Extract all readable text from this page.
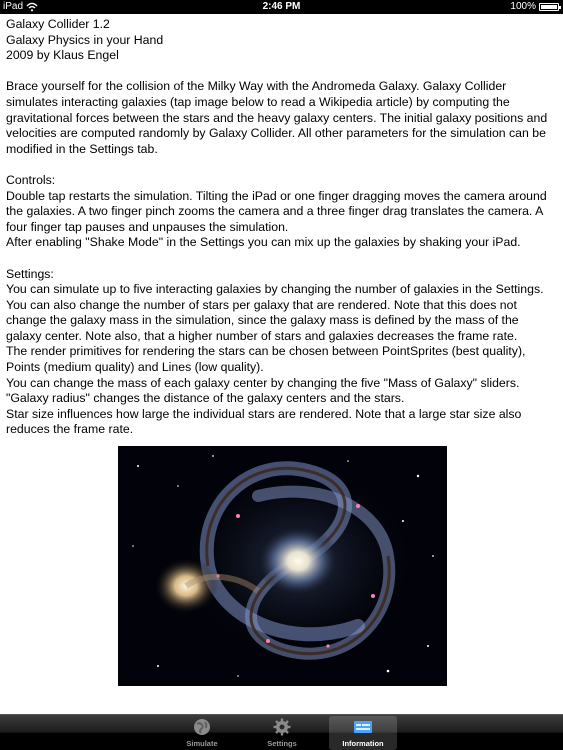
iPad	2:46 PM	100%

Galaxy Collider 1.2

Galaxy Physics in your Hand

2009 by Klaus Engel

Brace yourself for the collision of the Milky Way with the Andromeda Galaxy. Galaxy Collider simulates interacting galaxies (tap image below to read a Wikipedia article) by computing the gravitational forces between the stars and the heavy galaxy centers. The initial galaxy positions and velocities are computed randomly by Galaxy Collider. All other parameters for the simulation can be modified in the Settings tab.

Controls:

Double tap restarts the simulation. Tilting the iPad or one finger dragging moves the camera around the galaxies. A two finger pinch zooms the camera and a three finger drag translates the camera. A four finger tap pauses and unpauses the simulation.

After enabling "Shake Mode" in the Settings you can mix up the galaxies by shaking your iPad.

Settings:

You can simulate up to five interacting galaxies by changing the number of galaxies in the Settings. You can also change the number of stars per galaxy that are rendered. Note that this does not change the galaxy mass in the simulation, since the galaxy mass is defined by the mass of the galaxy center. Note also, that a higher number of stars and galaxies decreases the frame rate.

The render primitives for rendering the stars can be chosen between PointSprites (best quality), Points (medium quality) and Lines (low quality).

You can change the mass of each galaxy center by changing the five "Mass of Galaxy" sliders. "Galaxy radius" changes the distance of the galaxy centers and the stars.

Star size influences how large the individual stars are rendered. Note that a large star size also reduces the frame rate.

Simulate	Settings	Information
